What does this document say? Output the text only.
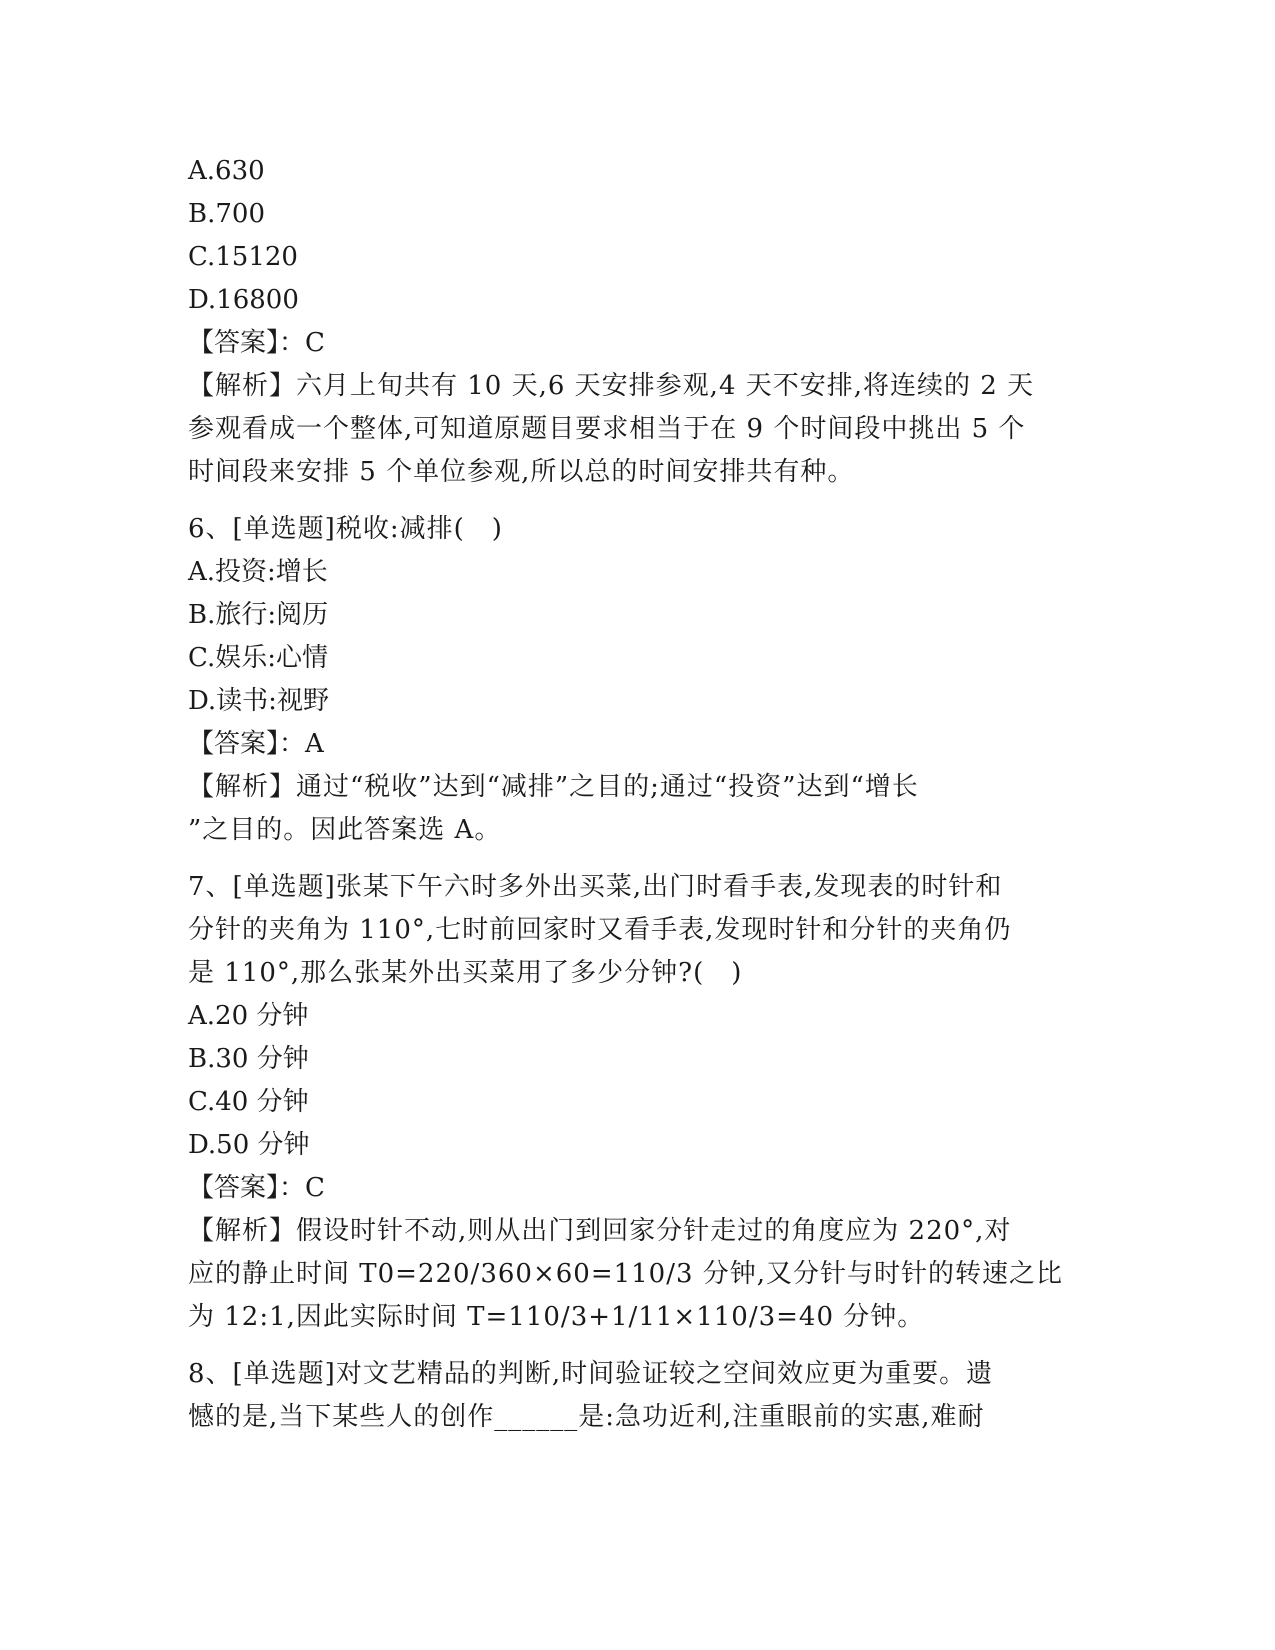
A.630
B.700
C.15120
D.16800
【答案】：C
【解析】六月上旬共有 10 天,6 天安排参观,4 天不安排,将连续的 2 天
参观看成一个整体,可知道原题目要求相当于在 9 个时间段中挑出 5 个
时间段来安排 5 个单位参观,所以总的时间安排共有种。
6、[单选题]税收:减排(　)
A.投资:增长
B.旅行:阅历
C.娱乐:心情
D.读书:视野
【答案】：A
【解析】通过“税收”达到“减排”之目的;通过“投资”达到“增长
”之目的。因此答案选 A。
7、[单选题]张某下午六时多外出买菜,出门时看手表,发现表的时针和
分针的夹角为 110°,七时前回家时又看手表,发现时针和分针的夹角仍
是 110°,那么张某外出买菜用了多少分钟?(　)
A.20 分钟
B.30 分钟
C.40 分钟
D.50 分钟
【答案】：C
【解析】假设时针不动,则从出门到回家分针走过的角度应为 220°,对
应的静止时间 T0=220/360×60=110/3 分钟,又分针与时针的转速之比
为 12:1,因此实际时间 T=110/3+1/11×110/3=40 分钟。
8、[单选题]对文艺精品的判断,时间验证较之空间效应更为重要。遗
憾的是,当下某些人的创作______是:急功近利,注重眼前的实惠,难耐
